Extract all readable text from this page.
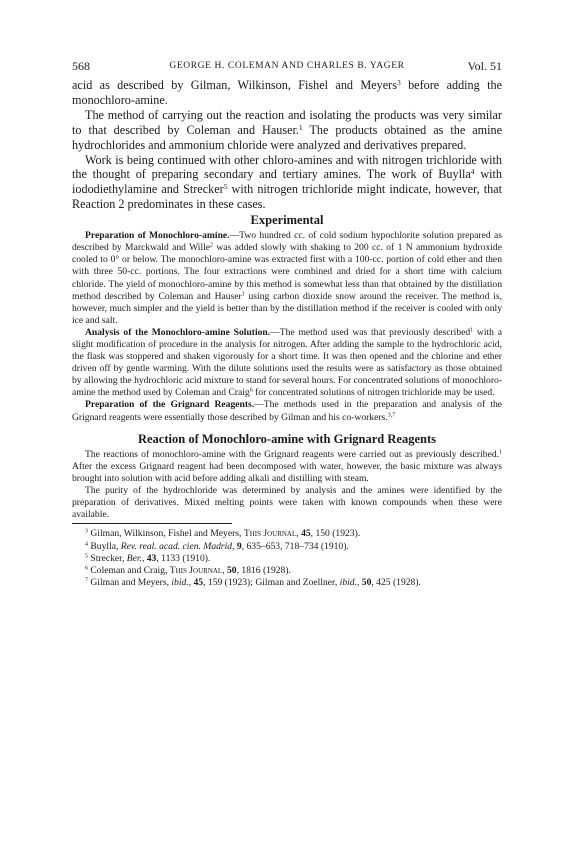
568	GEORGE H. COLEMAN AND CHARLES B. YAGER	Vol. 51

acid as described by Gilman, Wilkinson, Fishel and Meyers$^3$ before adding the monochloro-amine.

The method of carrying out the reaction and isolating the products was very similar to that described by Coleman and Hauser.$^1$ The products obtained as the amine hydrochlorides and ammonium chloride were analyzed and derivatives prepared.

Work is being continued with other chloro-amines and with nitrogen trichloride with the thought of preparing secondary and tertiary amines. The work of Buylla$^4$ with iododiethylamine and Strecker$^5$ with nitrogen trichloride might indicate, however, that Reaction 2 predominates in these cases.

Experimental

Preparation of Monochloro-amine.—Two hundred cc. of cold sodium hypochlorite solution prepared as described by Marckwald and Wille$^2$ was added slowly with shaking to 200 cc. of 1 N ammonium hydroxide cooled to 0° or below. The monochloro-amine was extracted first with a 100-cc. portion of cold ether and then with three 50-cc. portions. The four extractions were combined and dried for a short time with calcium chloride. The yield of monochloro-amine by this method is somewhat less than that obtained by the distillation method described by Coleman and Hauser$^1$ using carbon dioxide snow around the receiver. The method is, however, much simpler and the yield is better than by the distillation method if the receiver is cooled with only ice and salt.

Analysis of the Monochloro-amine Solution.—The method used was that previously described$^1$ with a slight modification of procedure in the analysis for nitrogen. After adding the sample to the hydrochloric acid, the flask was stoppered and shaken vigorously for a short time. It was then opened and the chlorine and ether driven off by gentle warming. With the dilute solutions used the results were as satisfactory as those obtained by allowing the hydrochloric acid mixture to stand for several hours. For concentrated solutions of monochloro-amine the method used by Coleman and Craig$^6$ for concentrated solutions of nitrogen trichloride may be used.

Preparation of the Grignard Reagents.—The methods used in the preparation and analysis of the Grignard reagents were essentially those described by Gilman and his co-workers.$^{3,7}$

Reaction of Monochloro-amine with Grignard Reagents

The reactions of monochloro-amine with the Grignard reagents were carried out as previously described.$^1$ After the excess Grignard reagent had been decomposed with water, however, the basic mixture was always brought into solution with acid before adding alkali and distilling with steam.

The purity of the hydrochloride was determined by analysis and the amines were identified by the preparation of derivatives. Mixed melting points were taken with known compounds when these were available.

$^3$ Gilman, Wilkinson, Fishel and Meyers, This Journal, 45, 150 (1923).

$^4$ Buylla, Rev. real. acad. cien. Madrid, 9, 635–653, 718–734 (1910).

$^5$ Strecker, Ber., 43, 1133 (1910).

$^6$ Coleman and Craig, This Journal, 50, 1816 (1928).

$^7$ Gilman and Meyers, ibid., 45, 159 (1923); Gilman and Zoellner, ibid., 50, 425 (1928).
